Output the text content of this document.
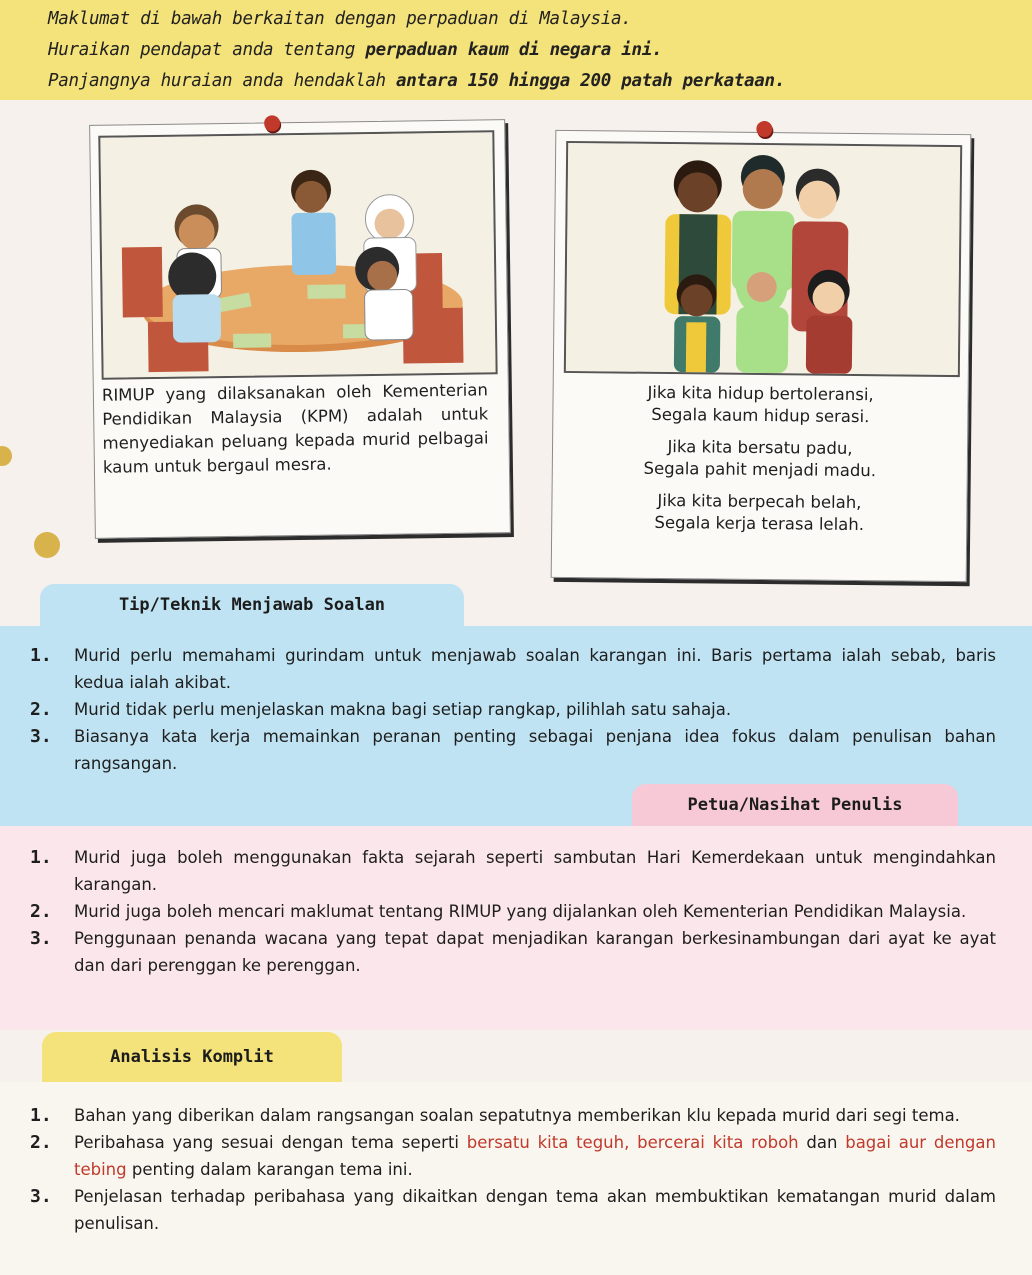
Maklumat di bawah berkaitan dengan perpaduan di Malaysia.

Huraikan pendapat anda tentang perpaduan kaum di negara ini.

Panjangnya huraian anda hendaklah antara 150 hingga 200 patah perkataan.

RIMUP yang dilaksanakan oleh Kementerian Pendidikan Malaysia (KPM) adalah untuk menyediakan peluang kepada murid pelbagai kaum untuk bergaul mesra.
Jika kita hidup bertoleransi,
Segala kaum hidup serasi.
Jika kita bersatu padu,
Segala pahit menjadi madu.
Jika kita berpecah belah,
Segala kerja terasa lelah.
Tip/Teknik Menjawab Soalan
1. Murid perlu memahami gurindam untuk menjawab soalan karangan ini. Baris pertama ialah sebab, baris kedua ialah akibat.
2. Murid tidak perlu menjelaskan makna bagi setiap rangkap, pilihlah satu sahaja.
3. Biasanya kata kerja memainkan peranan penting sebagai penjana idea fokus dalam penulisan bahan rangsangan.
Petua/Nasihat Penulis
1. Murid juga boleh menggunakan fakta sejarah seperti sambutan Hari Kemerdekaan untuk mengindahkan karangan.
2. Murid juga boleh mencari maklumat tentang RIMUP yang dijalankan oleh Kementerian Pendidikan Malaysia.
3. Penggunaan penanda wacana yang tepat dapat menjadikan karangan berkesinambungan dari ayat ke ayat dan dari perenggan ke perenggan.
Analisis Komplit
1. Bahan yang diberikan dalam rangsangan soalan sepatutnya memberikan klu kepada murid dari segi tema.
2. Peribahasa yang sesuai dengan tema seperti bersatu kita teguh, bercerai kita roboh dan bagai aur dengan tebing penting dalam karangan tema ini.
3. Penjelasan terhadap peribahasa yang dikaitkan dengan tema akan membuktikan kematangan murid dalam penulisan.
